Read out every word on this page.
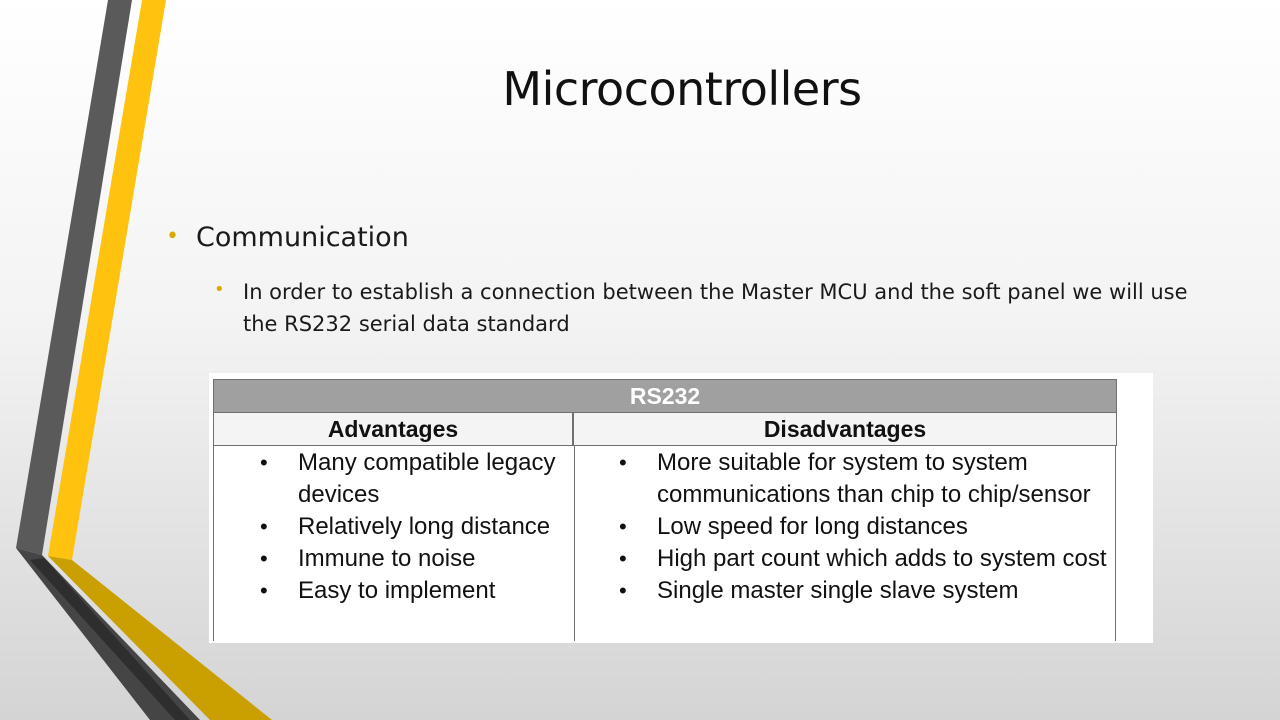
Microcontrollers
• Communication
• In order to establish a connection between the Master MCU and the soft panel we will use the RS232 serial data standard
RS232
Advantages	Disadvantages
• Many compatible legacy devices
• Relatively long distance
• Immune to noise
• Easy to implement
• More suitable for system to system communications than chip to chip/sensor
• Low speed for long distances
• High part count which adds to system cost
• Single master single slave system
